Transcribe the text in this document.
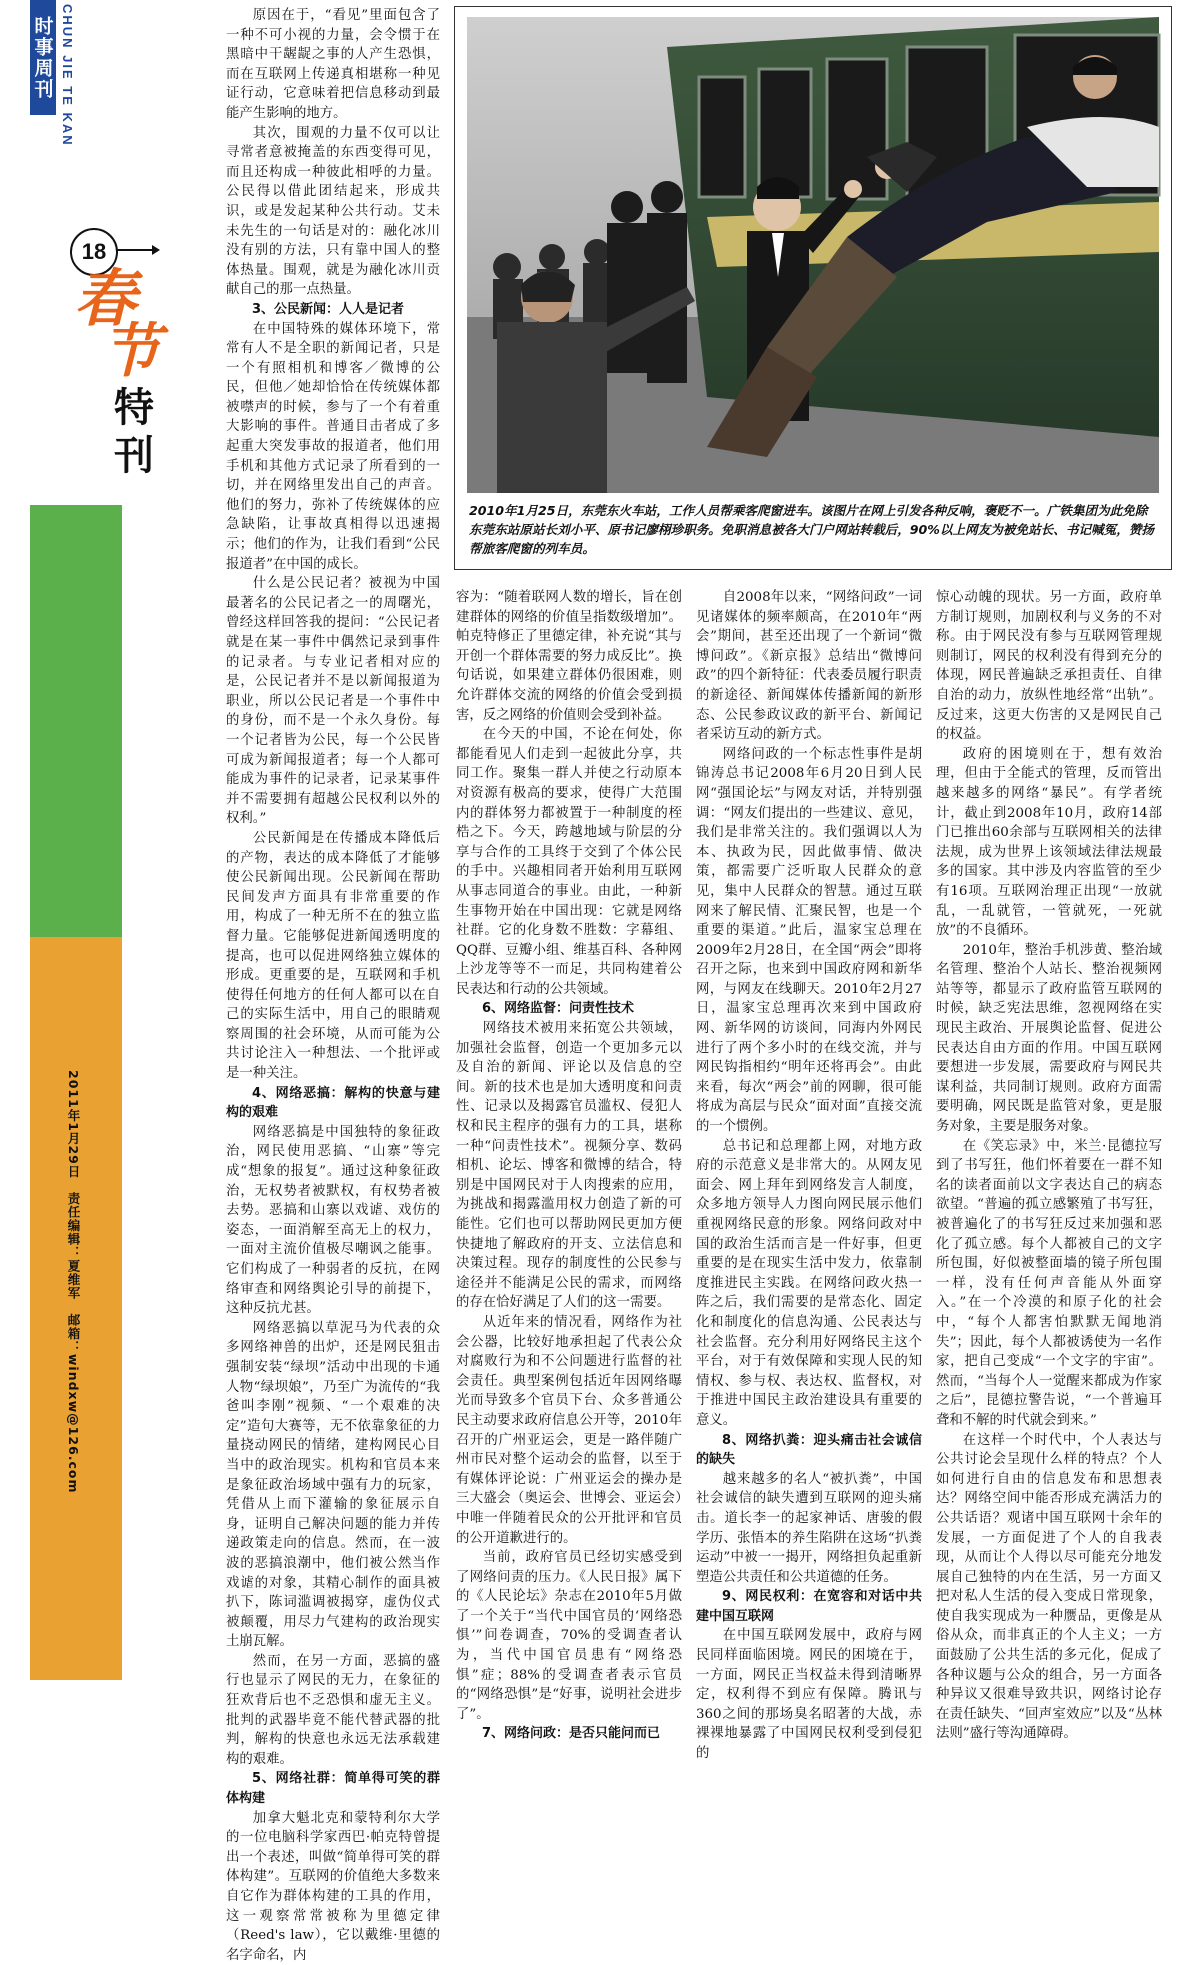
时事周刊 CHUN JIE TE KAN
18
春
节
特
刊
2011年1月29日　责任编辑：夏维军　邮箱：windxw@126.com

原因在于，“看见”里面包含了一种不可小视的力量，会令惯于在黑暗中干龌龊之事的人产生恐惧，而在互联网上传递真相堪称一种见证行动，它意味着把信息移动到最能产生影响的地方。

其次，围观的力量不仅可以让寻常者意被掩盖的东西变得可见，而且还构成一种彼此相呼的力量。公民得以借此团结起来，形成共识，或是发起某种公共行动。艾未未先生的一句话是对的：融化冰川没有别的方法，只有靠中国人的整体热量。围观，就是为融化冰川贡献自己的那一点热量。

3、公民新闻：人人是记者

在中国特殊的媒体环境下，常常有人不是全职的新闻记者，只是一个有照相机和博客／微博的公民，但他／她却恰恰在传统媒体都被噤声的时候，参与了一个有着重大影响的事件。普通目击者成了多起重大突发事故的报道者，他们用手机和其他方式记录了所看到的一切，并在网络里发出自己的声音。他们的努力，弥补了传统媒体的应急缺陷，让事故真相得以迅速揭示；他们的作为，让我们看到“公民报道者”在中国的成长。

什么是公民记者？被视为中国最著名的公民记者之一的周曙光，曾经这样回答我的提问：“公民记者就是在某一事件中偶然记录到事件的记录者。与专业记者相对应的是，公民记者并不是以新闻报道为职业，所以公民记者是一个事件中的身份，而不是一个永久身份。每一个记者皆为公民，每一个公民皆可成为新闻报道者；每一个人都可能成为事件的记录者，记录某事件并不需要拥有超越公民权利以外的权利。”

公民新闻是在传播成本降低后的产物，表达的成本降低了才能够使公民新闻出现。公民新闻在帮助民间发声方面具有非常重要的作用，构成了一种无所不在的独立监督力量。它能够促进新闻透明度的提高，也可以促进网络独立媒体的形成。更重要的是，互联网和手机使得任何地方的任何人都可以在自己的实际生活中，用自己的眼睛观察周围的社会环境，从而可能为公共讨论注入一种想法、一个批评或是一种关注。

4、网络恶搞：解构的快意与建构的艰难

网络恶搞是中国独特的象征政治，网民使用恶搞、“山寨”等完成“想象的报复”。通过这种象征政治，无权势者被默权，有权势者被去势。恶搞和山寨以戏谑、戏仿的姿态，一面消解至高无上的权力，一面对主流价值极尽嘲讽之能事。它们构成了一种弱者的反抗，在网络审查和网络舆论引导的前提下，这种反抗尤甚。

网络恶搞以草泥马为代表的众多网络神兽的出炉，还是网民狙击强制安装“绿坝”活动中出现的卡通人物“绿坝娘”，乃至广为流传的“我爸叫李刚”视频、“一个艰难的决定”造句大赛等，无不依靠象征的力量挠动网民的情绪，建构网民心目当中的政治现实。机构和官员本来是象征政治场域中强有力的玩家，凭借从上而下灌输的象征展示自身，证明自己解决问题的能力并传递政策走向的信息。然而，在一波波的恶搞浪潮中，他们被公然当作戏谑的对象，其精心制作的面具被扒下，陈词滥调被揭穿，虚伪仪式被颠覆，用尽力气建构的政治现实土崩瓦解。

然而，在另一方面，恶搞的盛行也显示了网民的无力，在象征的狂欢背后也不乏恐惧和虚无主义。批判的武器毕竟不能代替武器的批判，解构的快意也永远无法承载建构的艰难。

5、网络社群：简单得可笑的群体构建

加拿大魁北克和蒙特利尔大学的一位电脑科学家西巴·帕克特曾提出一个表述，叫做“简单得可笑的群体构建”。互联网的价值绝大多数来自它作为群体构建的工具的作用，这一观察常常被称为里德定律（Reed's law），它以戴维·里德的名字命名，内

2010年1月25日，东莞东火车站，工作人员帮乘客爬窗进车。该图片在网上引发各种反响，褒贬不一。广铁集团为此免除东莞东站原站长刘小平、原书记廖栩珍职务。免职消息被各大门户网站转载后，90%以上网友为被免站长、书记喊冤，赞扬帮旅客爬窗的列车员。

容为：“随着联网人数的增长，旨在创建群体的网络的价值呈指数级增加”。帕克特修正了里德定律，补充说“其与开创一个群体需要的努力成反比”。换句话说，如果建立群体仍很困难，则允许群体交流的网络的价值会受到损害，反之网络的价值则会受到补益。

在今天的中国，不论在何处，你都能看见人们走到一起彼此分享，共同工作。聚集一群人并使之行动原本对资源有极高的要求，使得广大范围内的群体努力都被置于一种制度的桎梏之下。今天，跨越地域与阶层的分享与合作的工具终于交到了个体公民的手中。兴趣相同者开始利用互联网从事志同道合的事业。由此，一种新生事物开始在中国出现：它就是网络社群。它的化身数不胜数：字幕组、QQ群、豆瓣小组、维基百科、各种网上沙龙等等不一而足，共同构建着公民表达和行动的公共领域。

6、网络监督：问责性技术

网络技术被用来拓宽公共领域，加强社会监督，创造一个更加多元以及自治的新闻、评论以及信息的空间。新的技术也是加大透明度和问责性、记录以及揭露官员滥权、侵犯人权和民主程序的强有力的工具，堪称一种“问责性技术”。视频分享、数码相机、论坛、博客和微博的结合，特别是中国网民对于人肉搜索的应用，为挑战和揭露滥用权力创造了新的可能性。它们也可以帮助网民更加方便快捷地了解政府的开支、立法信息和决策过程。现存的制度性的公民参与途径并不能满足公民的需求，而网络的存在恰好满足了人们的这一需要。

从近年来的情况看，网络作为社会公器，比较好地承担起了代表公众对腐败行为和不公问题进行监督的社会责任。典型案例包括近年因网络曝光而导致多个官员下台、众多普通公民主动要求政府信息公开等，2010年召开的广州亚运会，更是一路伴随广州市民对整个运动会的监督，以至于有媒体评论说：广州亚运会的操办是三大盛会（奥运会、世博会、亚运会）中唯一伴随着民众的公开批评和官员的公开道歉进行的。

当前，政府官员已经切实感受到了网络问责的压力。《人民日报》属下的《人民论坛》杂志在2010年5月做了一个关于“当代中国官员的‘网络恐惧’”问卷调查，70%的受调查者认为，当代中国官员患有“网络恐惧”症；88%的受调查者表示官员的“网络恐惧”是“好事，说明社会进步了”。

7、网络问政：是否只能问而已

自2008年以来，“网络问政”一词见诸媒体的频率颇高，在2010年“两会”期间，甚至还出现了一个新词“微博问政”。《新京报》总结出“微博问政”的四个新特征：代表委员履行职责的新途径、新闻媒体传播新闻的新形态、公民参政议政的新平台、新闻记者采访互动的新方式。

网络问政的一个标志性事件是胡锦涛总书记2008年6月20日到人民网“强国论坛”与网友对话，并特别强调：“网友们提出的一些建议、意见，我们是非常关注的。我们强调以人为本、执政为民，因此做事情、做决策，都需要广泛听取人民群众的意见，集中人民群众的智慧。通过互联网来了解民情、汇聚民智，也是一个重要的渠道。”此后，温家宝总理在2009年2月28日，在全国“两会”即将召开之际，也来到中国政府网和新华网，与网友在线聊天。2010年2月27日，温家宝总理再次来到中国政府网、新华网的访谈间，同海内外网民进行了两个多小时的在线交流，并与网民钩指相约“明年还将再会”。由此来看，每次“两会”前的网聊，很可能将成为高层与民众“面对面”直接交流的一个惯例。

总书记和总理都上网，对地方政府的示范意义是非常大的。从网友见面会、网上拜年到网络发言人制度，众多地方领导人力图向网民展示他们重视网络民意的形象。网络问政对中国的政治生活而言是一件好事，但更重要的是在现实生活中发力，依靠制度推进民主实践。在网络问政火热一阵之后，我们需要的是常态化、固定化和制度化的信息沟通、公民表达与社会监督。充分利用好网络民主这个平台，对于有效保障和实现人民的知情权、参与权、表达权、监督权，对于推进中国民主政治建设具有重要的意义。

8、网络扒粪：迎头痛击社会诚信的缺失

越来越多的名人“被扒粪”，中国社会诚信的缺失遭到互联网的迎头痛击。道长李一的起家神话、唐骏的假学历、张悟本的养生陷阱在这场“扒粪运动”中被一一揭开，网络担负起重新塑造公共责任和公共道德的任务。

9、网民权利：在宽容和对话中共建中国互联网

在中国互联网发展中，政府与网民同样面临困境。网民的困境在于，一方面，网民正当权益未得到清晰界定，权利得不到应有保障。腾讯与360之间的那场臭名昭著的大战，赤裸裸地暴露了中国网民权利受到侵犯的

惊心动魄的现状。另一方面，政府单方制订规则，加剧权利与义务的不对称。由于网民没有参与互联网管理规则制订，网民的权利没有得到充分的体现，网民普遍缺乏承担责任、自律自治的动力，放纵性地经常“出轨”。反过来，这更大伤害的又是网民自己的权益。

政府的困境则在于，想有效治理，但由于全能式的管理，反而管出越来越多的网络“暴民”。有学者统计，截止到2008年10月，政府14部门已推出60余部与互联网相关的法律法规，成为世界上该领域法律法规最多的国家。其中涉及内容监管的至少有16项。互联网治理正出现“一放就乱，一乱就管，一管就死，一死就放”的不良循环。

2010年，整治手机涉黄、整治域名管理、整治个人站长、整治视频网站等等，都显示了政府监管互联网的时候，缺乏宪法思维，忽视网络在实现民主政治、开展舆论监督、促进公民表达自由方面的作用。中国互联网要想进一步发展，需要政府与网民共谋利益，共同制订规则。政府方面需要明确，网民既是监管对象，更是服务对象，主要是服务对象。

在《笑忘录》中，米兰·昆德拉写到了书写狂，他们怀着要在一群不知名的读者面前以文字表达自己的病态欲望。“普遍的孤立感繁殖了书写狂，被普遍化了的书写狂反过来加强和恶化了孤立感。每个人都被自己的文字所包围，好似被整面墙的镜子所包围一样，没有任何声音能从外面穿入。”在一个冷漠的和原子化的社会中，“每个人都害怕默默无闻地消失”；因此，每个人都被诱使为一名作家，把自己变成“一个文字的宇宙”。然而，“当每个人一觉醒来都成为作家之后”，昆德拉警告说，“一个普遍耳聋和不解的时代就会到来。”

在这样一个时代中，个人表达与公共讨论会呈现什么样的特点？个人如何进行自由的信息发布和思想表达？网络空间中能否形成充满活力的公共话语？观诸中国互联网十余年的发展，一方面促进了个人的自我表现，从而让个人得以尽可能充分地发展自己独特的内在生活，另一方面又把对私人生活的侵入变成日常现象，使自我实现成为一种赝品，更像是从俗从众，而非真正的个人主义；一方面鼓励了公共生活的多元化，促成了各种议题与公众的组合，另一方面各种异议又很难导致共识，网络讨论存在责任缺失、“回声室效应”以及“丛林法则”盛行等沟通障碍。
